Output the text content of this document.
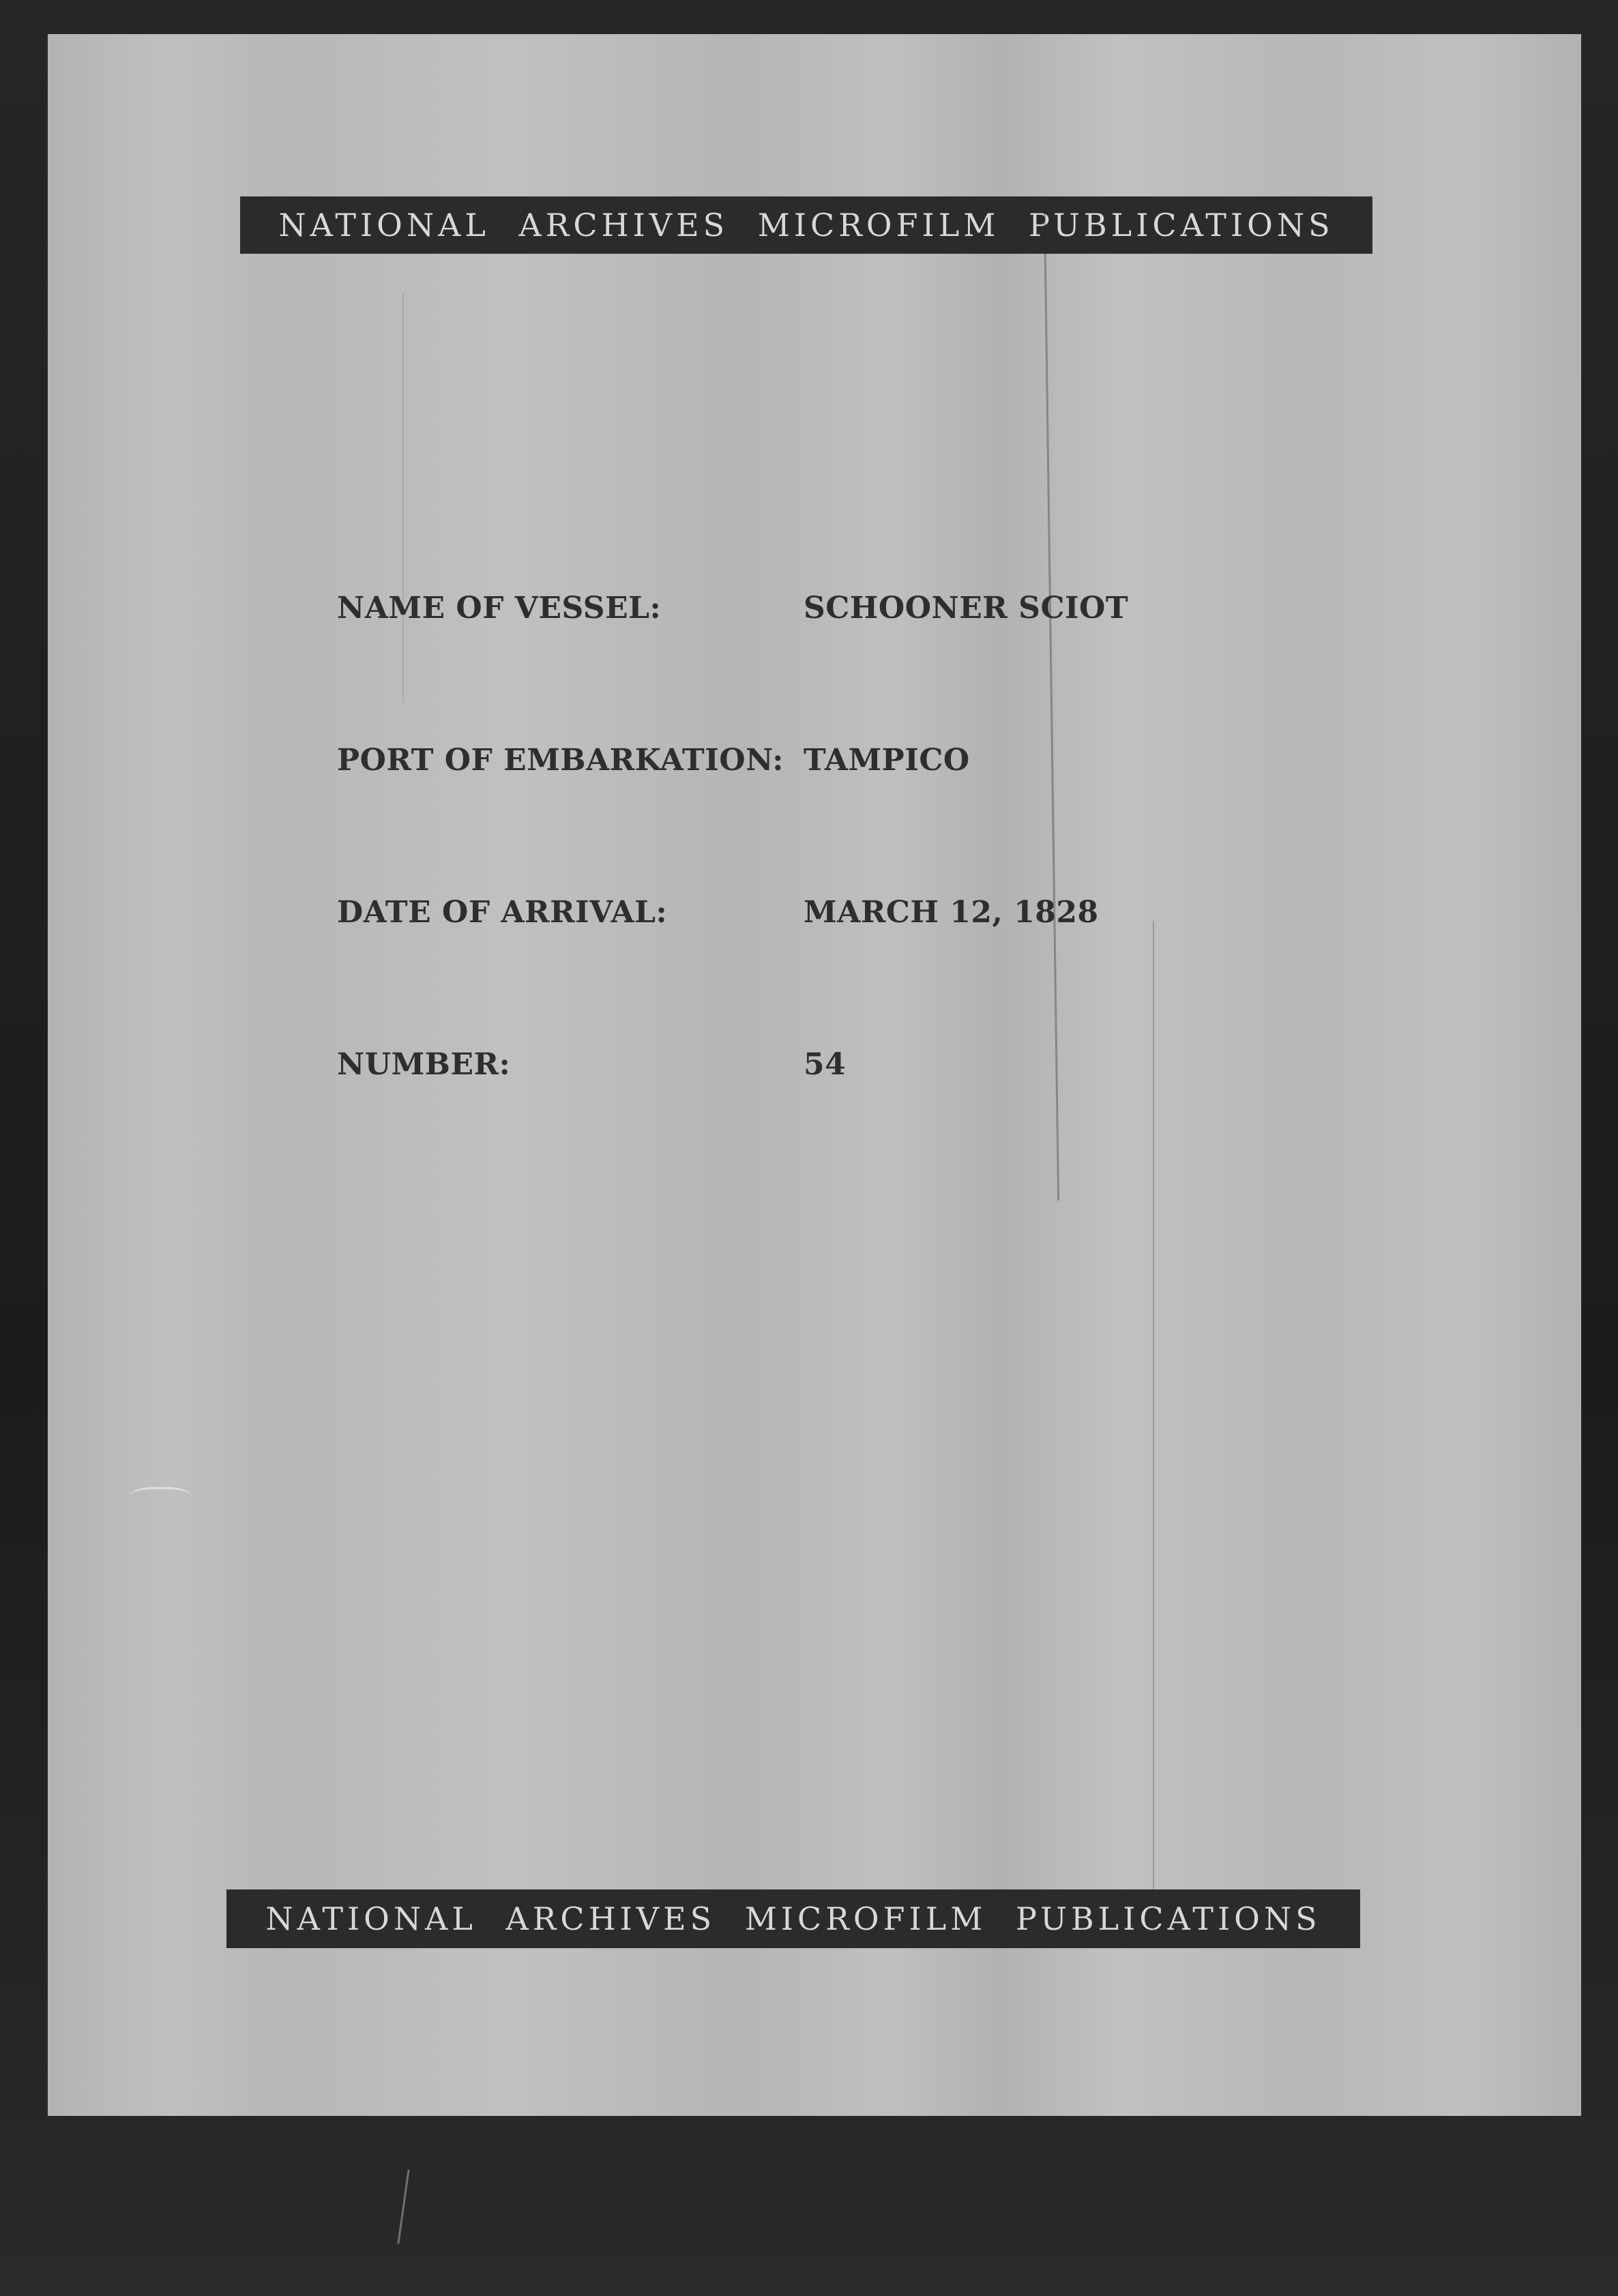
NATIONAL ARCHIVES MICROFILM PUBLICATIONS
NAME OF VESSEL:	SCHOONER SCIOT
PORT OF EMBARKATION: TAMPICO
DATE OF ARRIVAL:	MARCH 12, 1828
NUMBER:	54
NATIONAL ARCHIVES MICROFILM PUBLICATIONS
